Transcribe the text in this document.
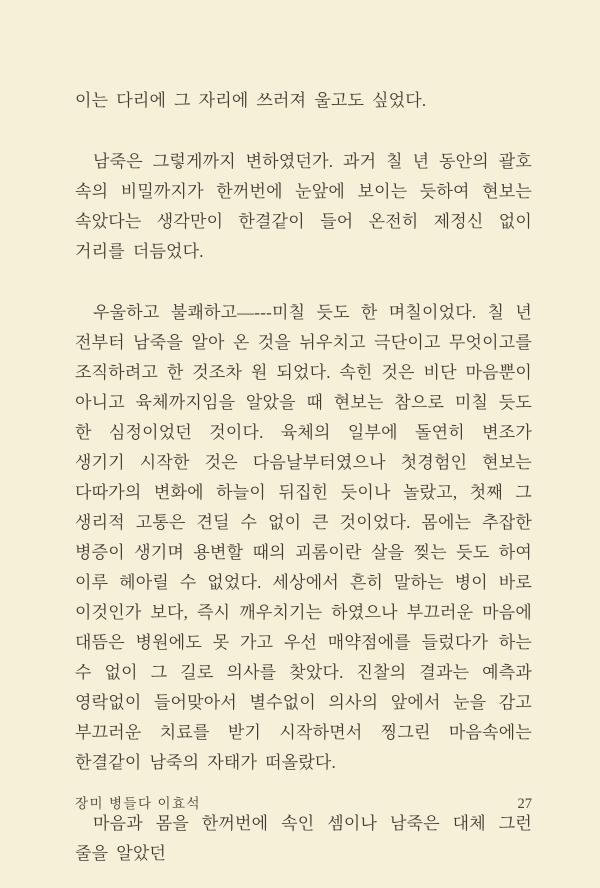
이는 다리에 그 자리에 쓰러져 울고도 싶었다.

남죽은 그렇게까지 변하였던가. 과거 칠 년 동안의 괄호 속의 비밀까지가 한꺼번에 눈앞에 보이는 듯하여 현보는 속았다는 생각만이 한결같이 들어 온전히 제정신 없이 거리를 더듬었다.

우울하고 불쾌하고—---미칠 듯도 한 며칠이었다. 칠 년 전부터 남죽을 알아 온 것을 뉘우치고 극단이고 무엇이고를 조직하려고 한 것조차 원 되었다. 속힌 것은 비단 마음뿐이 아니고 육체까지임을 알았을 때 현보는 참으로 미칠 듯도 한 심정이었던 것이다. 육체의 일부에 돌연히 변조가 생기기 시작한 것은 다음날부터였으나 첫경험인 현보는 다따가의 변화에 하늘이 뒤집힌 듯이나 놀랐고, 첫째 그 생리적 고통은 견딜 수 없이 큰 것이었다. 몸에는 추잡한 병증이 생기며 용변할 때의 괴롬이란 살을 찢는 듯도 하여 이루 헤아릴 수 없었다. 세상에서 흔히 말하는 병이 바로 이것인가 보다, 즉시 깨우치기는 하였으나 부끄러운 마음에 대뜸은 병원에도 못 가고 우선 매약점에를 들렀다가 하는 수 없이 그 길로 의사를 찾았다. 진찰의 결과는 예측과 영락없이 들어맞아서 별수없이 의사의 앞에서 눈을 감고 부끄러운 치료를 받기 시작하면서 찡그린 마음속에는 한결같이 남죽의 자태가 떠올랐다.

마음과 몸을 한꺼번에 속인 셈이나 남죽은 대체 그런 줄을 알았던

장미 병들다 이효석	27
